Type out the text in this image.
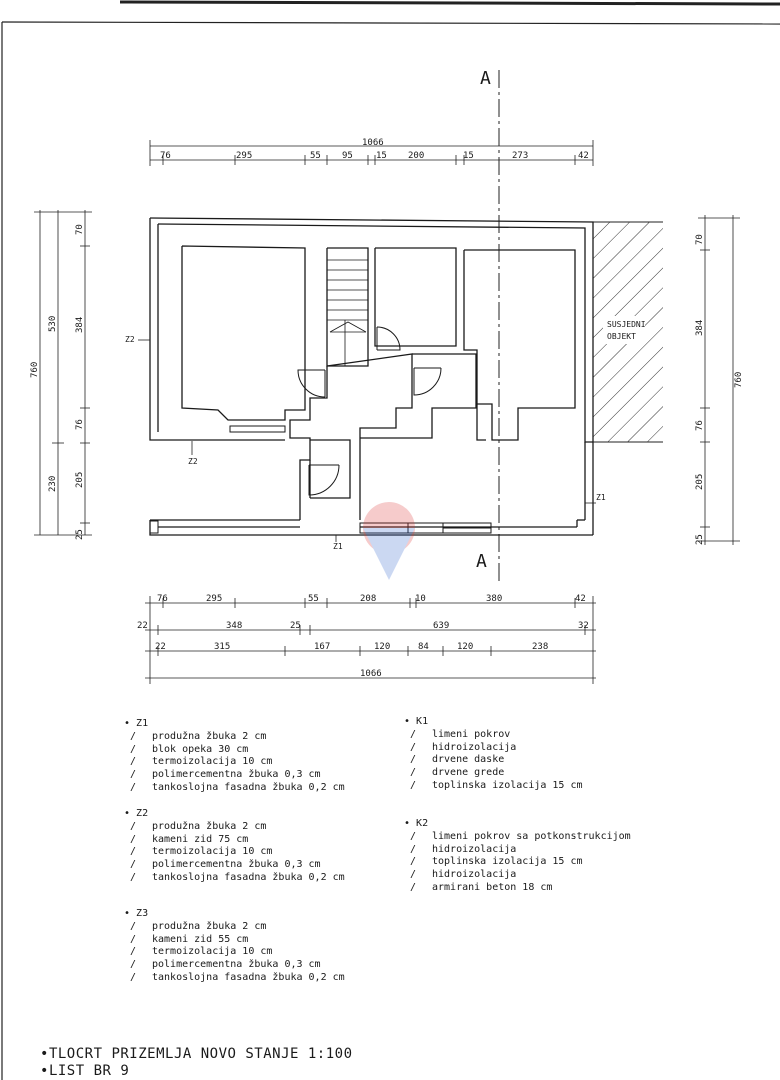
A
A
SUSJEDNI
OBJEKT
Z2
Z2
Z1
Z1
1066
76	295	55 95	15 200	15	273	42
76	295	55	208	10	380	42
22	348	25	639	32
22	315	167	120	84	120	238
1066
760
530
230
70
384
76
205
25
70
384
76
205
25
760
• Z1
/ produžna žbuka 2 cm
/ blok opeka 30 cm
/ termoizolacija 10 cm
/ polimercementna žbuka 0,3 cm
/ tankoslojna fasadna žbuka 0,2 cm
• Z2
/ produžna žbuka 2 cm
/ kameni zid 75 cm
/ termoizolacija 10 cm
/ polimercementna žbuka 0,3 cm
/ tankoslojna fasadna žbuka 0,2 cm
• Z3
/ produžna žbuka 2 cm
/ kameni zid 55 cm
/ termoizolacija 10 cm
/ polimercementna žbuka 0,3 cm
/ tankoslojna fasadna žbuka 0,2 cm
• K1
/ limeni pokrov
/ hidroizolacija
/ drvene daske
/ drvene grede
/ toplinska izolacija 15 cm
• K2
/ limeni pokrov sa potkonstrukcijom
/ hidroizolacija
/ toplinska izolacija 15 cm
/ hidroizolacija
/ armirani beton 18 cm
•TLOCRT PRIZEMLJA NOVO STANJE 1:100
•LIST BR 9
